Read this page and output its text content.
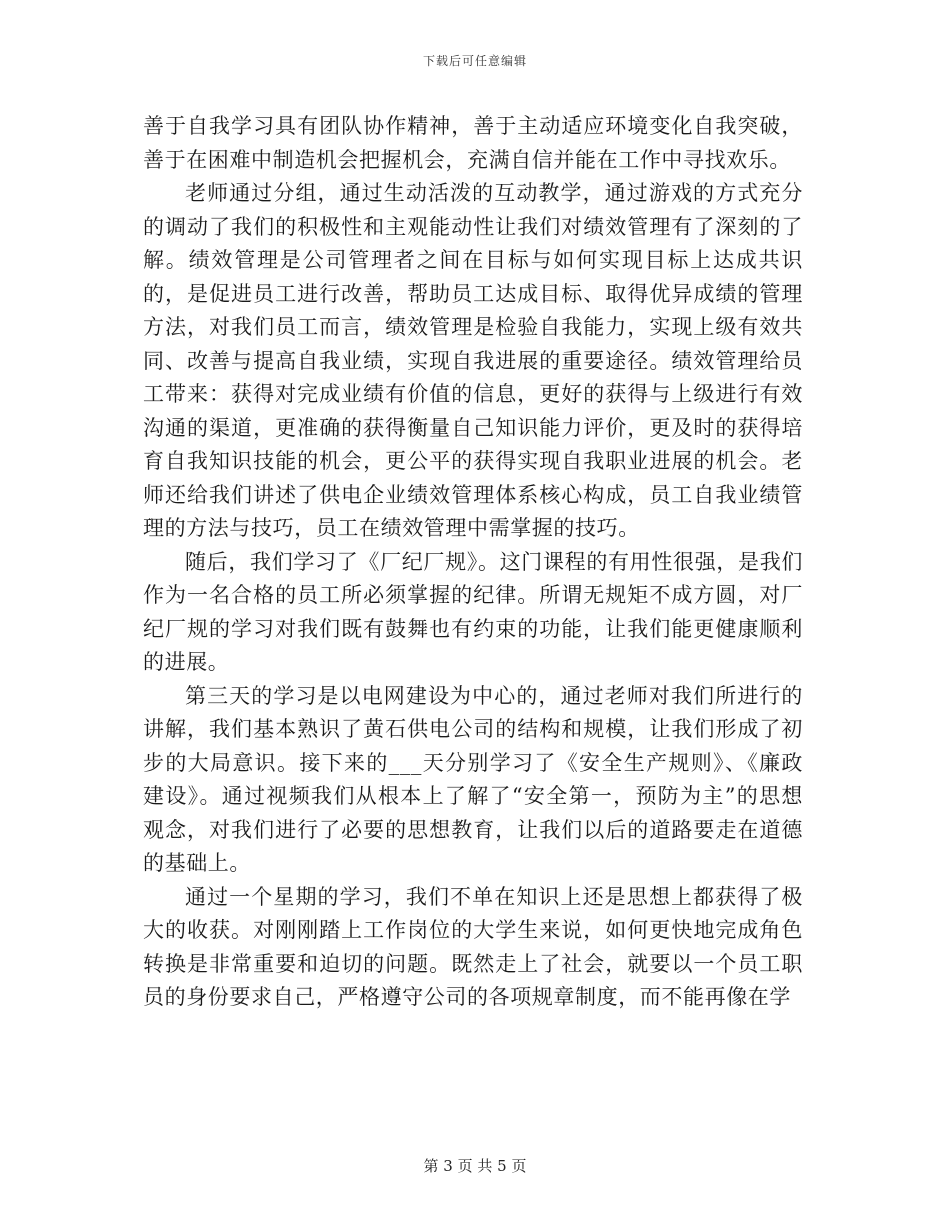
下载后可任意编辑

善于自我学习具有团队协作精神，善于主动适应环境变化自我突破，善于在困难中制造机会把握机会，充满自信并能在工作中寻找欢乐。

老师通过分组，通过生动活泼的互动教学，通过游戏的方式充分的调动了我们的积极性和主观能动性让我们对绩效管理有了深刻的了解。绩效管理是公司管理者之间在目标与如何实现目标上达成共识的，是促进员工进行改善，帮助员工达成目标、取得优异成绩的管理方法，对我们员工而言，绩效管理是检验自我能力，实现上级有效共同、改善与提高自我业绩，实现自我进展的重要途径。绩效管理给员工带来：获得对完成业绩有价值的信息，更好的获得与上级进行有效沟通的渠道，更准确的获得衡量自己知识能力评价，更及时的获得培育自我知识技能的机会，更公平的获得实现自我职业进展的机会。老师还给我们讲述了供电企业绩效管理体系核心构成，员工自我业绩管理的方法与技巧，员工在绩效管理中需掌握的技巧。

随后，我们学习了《厂纪厂规》。这门课程的有用性很强，是我们作为一名合格的员工所必须掌握的纪律。所谓无规矩不成方圆，对厂纪厂规的学习对我们既有鼓舞也有约束的功能，让我们能更健康顺利的进展。

第三天的学习是以电网建设为中心的，通过老师对我们所进行的讲解，我们基本熟识了黄石供电公司的结构和规模，让我们形成了初步的大局意识。接下来的___天分别学习了《安全生产规则》、《廉政建设》。通过视频我们从根本上了解了“安全第一，预防为主”的思想观念，对我们进行了必要的思想教育，让我们以后的道路要走在道德的基础上。

通过一个星期的学习，我们不单在知识上还是思想上都获得了极大的收获。对刚刚踏上工作岗位的大学生来说，如何更快地完成角色转换是非常重要和迫切的问题。既然走上了社会，就要以一个员工职员的身份要求自己，严格遵守公司的各项规章制度，而不能再像在学

第 3 页 共 5 页
